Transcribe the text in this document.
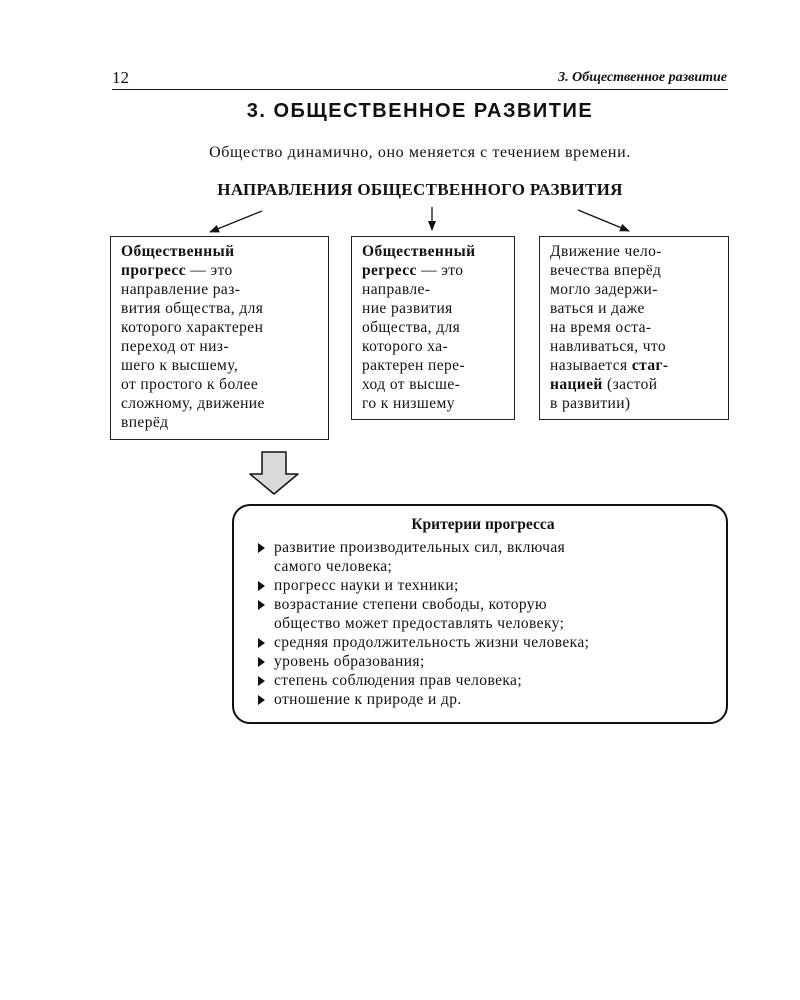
12	3. Общественное развитие
3. ОБЩЕСТВЕННОЕ РАЗВИТИЕ
Общество динамично, оно меняется с течением времени.
НАПРАВЛЕНИЯ ОБЩЕСТВЕННОГО РАЗВИТИЯ
Общественный
прогресс — это
направление раз-
вития общества, для
которого характерен
переход от низ-
шего к высшему,
от простого к более
сложному, движение
вперёд
Общественный
регресс — это
направле-
ние развития
общества, для
которого ха-
рактерен пере-
ход от высше-
го к низшему
Движение чело-
вечества вперёд
могло задержи-
ваться и даже
на время оста-
навливаться, что
называется стаг-
нацией (застой
в развитии)
Критерии прогресса
развитие производительных сил, включая
самого человека;
прогресс науки и техники;
возрастание степени свободы, которую
общество может предоставлять человеку;
средняя продолжительность жизни человека;
уровень образования;
степень соблюдения прав человека;
отношение к природе и др.
